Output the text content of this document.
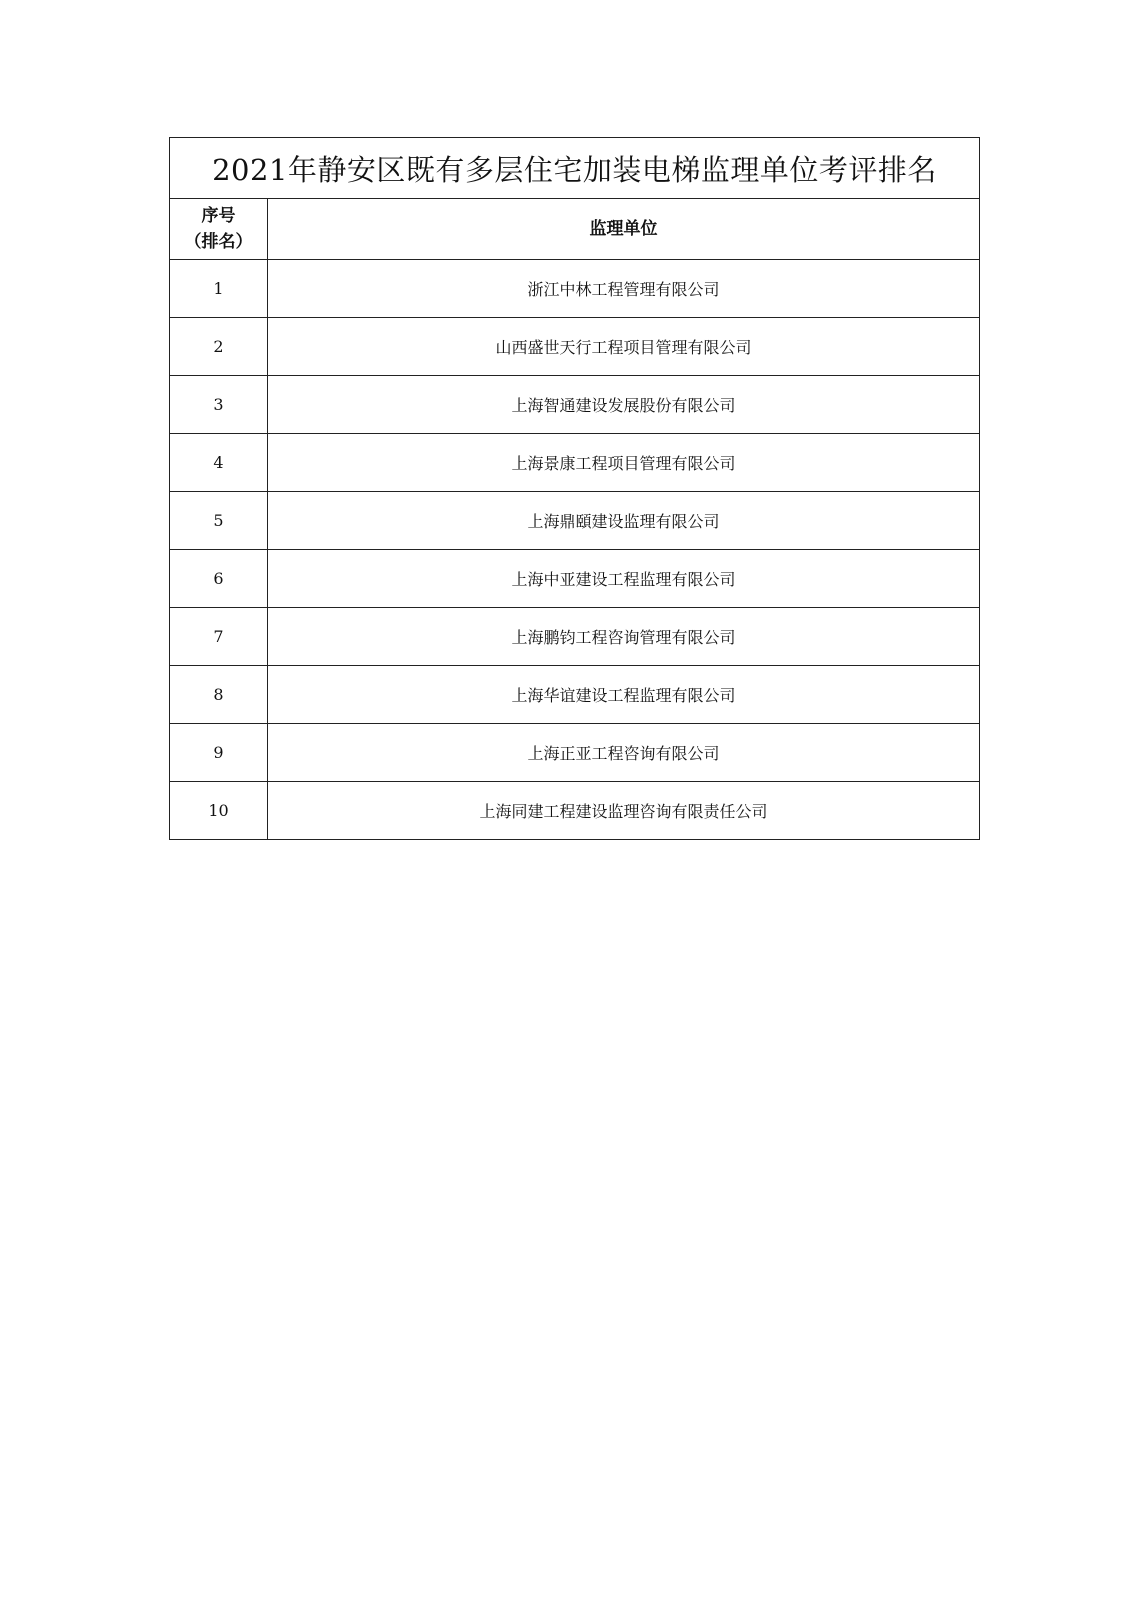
2021年静安区既有多层住宅加装电梯监理单位考评排名	

序号
（排名）	监理单位
1	浙江中林工程管理有限公司
2	山西盛世天行工程项目管理有限公司
3	上海智通建设发展股份有限公司
4	上海景康工程项目管理有限公司
5	上海鼎頤建设监理有限公司
6	上海中亚建设工程监理有限公司
7	上海鹏钧工程咨询管理有限公司
8	上海华谊建设工程监理有限公司
9	上海正亚工程咨询有限公司
10	上海同建工程建设监理咨询有限责任公司
